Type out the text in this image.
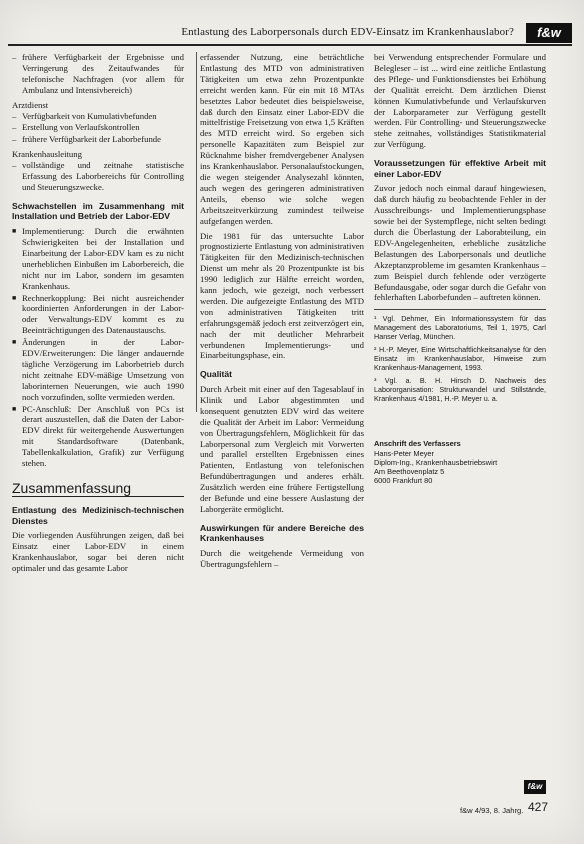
Entlastung des Laborpersonals durch EDV-Einsatz im Krankenhauslabor?	f&w
– frühere Verfügbarkeit der Ergebnisse und Verringerung des Zeitaufwandes für telefonische Nachfragen (vor allem für Ambulanz und Intensivbereich)
Arztdienst
– Verfügbarkeit von Kumulativbefunden
– Erstellung von Verlaufskontrollen
– frühere Verfügbarkeit der Laborbefunde
Krankenhausleitung
– vollständige und zeitnahe statistische Erfassung des Laborbereichs für Controlling und Steuerungszwecke.
Schwachstellen im Zusammenhang mit Installation und Betrieb der Labor-EDV
■ Implementierung: Durch die erwähnten Schwierigkeiten bei der Installation und Einarbeitung der Labor-EDV kam es zu nicht unerheblichen Einbußen im Laborbereich, die nicht nur im Labor, sondern im gesamten Krankenhaus.
■ Rechnerkopplung: Bei nicht ausreichender koordinierten Anforderungen in der Labor- oder Verwaltungs-EDV kommt es zu Beeinträchtigungen des Datenaustauschs.
■ Änderungen in der Labor-EDV/Erweiterungen: Die länger andauernde tägliche Verzögerung im Laborbetrieb durch nicht zeitnahe EDV-mäßige Umsetzung von laborinternen Neuerungen, wie auch 1990 noch vorzufinden, sollte vermieden werden.
■ PC-Anschluß: Der Anschluß von PCs ist derart auszustellen, daß die Daten der Labor-EDV direkt für weitergehende Auswertungen mit Standardsoftware (Datenbank, Tabellenkalkulation, Grafik) zur Verfügung stehen.
Zusammenfassung
Entlastung des Medizinisch-technischen Dienstes

Die vorliegenden Ausführungen zeigen, daß bei Einsatz einer Labor-EDV in einem Krankenhauslabor, sogar bei deren nicht optimaler und das gesamte Labor

erfassender Nutzung, eine beträchtliche Entlastung des MTD von administrativen Tätigkeiten um etwa zehn Prozentpunkte erreicht werden kann. Für ein mit 18 MTAs besetztes Labor bedeutet dies beispielsweise, daß durch den Einsatz einer Labor-EDV die mittelfristige Freisetzung von etwa 1,5 Kräften des MTD erreicht wird. So ergeben sich personelle Kapazitäten zum Beispiel zur Rücknahme bisher fremdvergebener Analysen ins Krankenhauslabor. Personalaufstockungen, die wegen steigender Analysezahl könnten, auch wegen des geringeren administrativen Anteils, ebenso wie solche wegen Arbeitszeitverkürzung zumindest teilweise aufgefangen werden.

Die 1981 für das untersuchte Labor prognostizierte Entlastung von administrativen Tätigkeiten für den Medizinisch-technischen Dienst um mehr als 20 Prozentpunkte ist bis 1990 lediglich zur Hälfte erreicht worden, kann jedoch, wie gezeigt, noch verbessert werden. Die aufgezeigte Entlastung des MTD von administrativen Tätigkeiten tritt erfahrungsgemäß jedoch erst zeitverzögert ein, nach der mit deutlicher Mehrarbeit verbundenen Implementierungs- und Einarbeitungsphase, ein.

Qualität

Durch Arbeit mit einer auf den Tagesablauf in Klinik und Labor abgestimmten und konsequent genutzten EDV wird das weitere die Qualität der Arbeit im Labor: Vermeidung von Übertragungsfehlern, Möglichkeit für das Laborpersonal zum Vergleich mit Vorwerten und parallel erstellten Ergebnissen eines Patienten, Entlastung von telefonischen Befundübertragungen und anderes erhält. Zusätzlich werden eine frühere Fertigstellung der Befunde und eine bessere Auslastung der Laborgeräte ermöglicht.

Auswirkungen für andere Bereiche des Krankenhauses

Durch die weitgehende Vermeidung von Übertragungsfehlern –

bei Verwendung entsprechender Formulare und Belegleser – ist ... wird eine zeitliche Entlastung des Pflege- und Funktionsdienstes bei Erhöhung der Qualität erreicht. Dem ärztlichen Dienst können Kumulativbefunde und Verlaufskurven der Laborparameter zur Verfügung gestellt werden. Für Controlling- und Steuerungszwecke stehe zeitnahes, vollständiges Statistikmaterial zur Verfügung.

Voraussetzungen für effektive Arbeit mit einer Labor-EDV

Zuvor jedoch noch einmal darauf hingewiesen, daß durch häufig zu beobachtende Fehler in der Ausschreibungs- und Implementierungsphase sowie bei der Systempflege, nicht selten bedingt durch die Überlastung der Laborabteilung, ein EDV-Angelegenheiten, erhebliche zusätzliche Belastungen des Laborpersonals und deutliche Akzeptanzprobleme im gesamten Krankenhaus – zum Beispiel durch fehlende oder verzögerte Befundausgabe, oder sogar durch die Gefahr von fehlerhaften Laborbefunden – auftreten können.

¹ Vgl. Dehmer, Ein Informationssystem für das Management des Laboratoriums, Teil 1, 1975, Carl Hanser Verlag, München.

² H.-P. Meyer, Eine Wirtschaftlichkeitsanalyse für den Einsatz im Krankenhauslabor, Hinweise zum Krankenhaus-Management, 1993.

³ Vgl. a. B. H. Hirsch D. Nachweis des Labororganisation: Strukturwandel und Stillstände, Krankenhaus 4/1981, H.-P. Meyer u. a.

Anschrift des Verfassers
Hans-Peter Meyer
Diplom-Ing., Krankenhausbetriebswirt
Am Beethovenplatz 5
6000 Frankfurt 80
f&w
f&w 4/93, 8. Jahrg. 427
